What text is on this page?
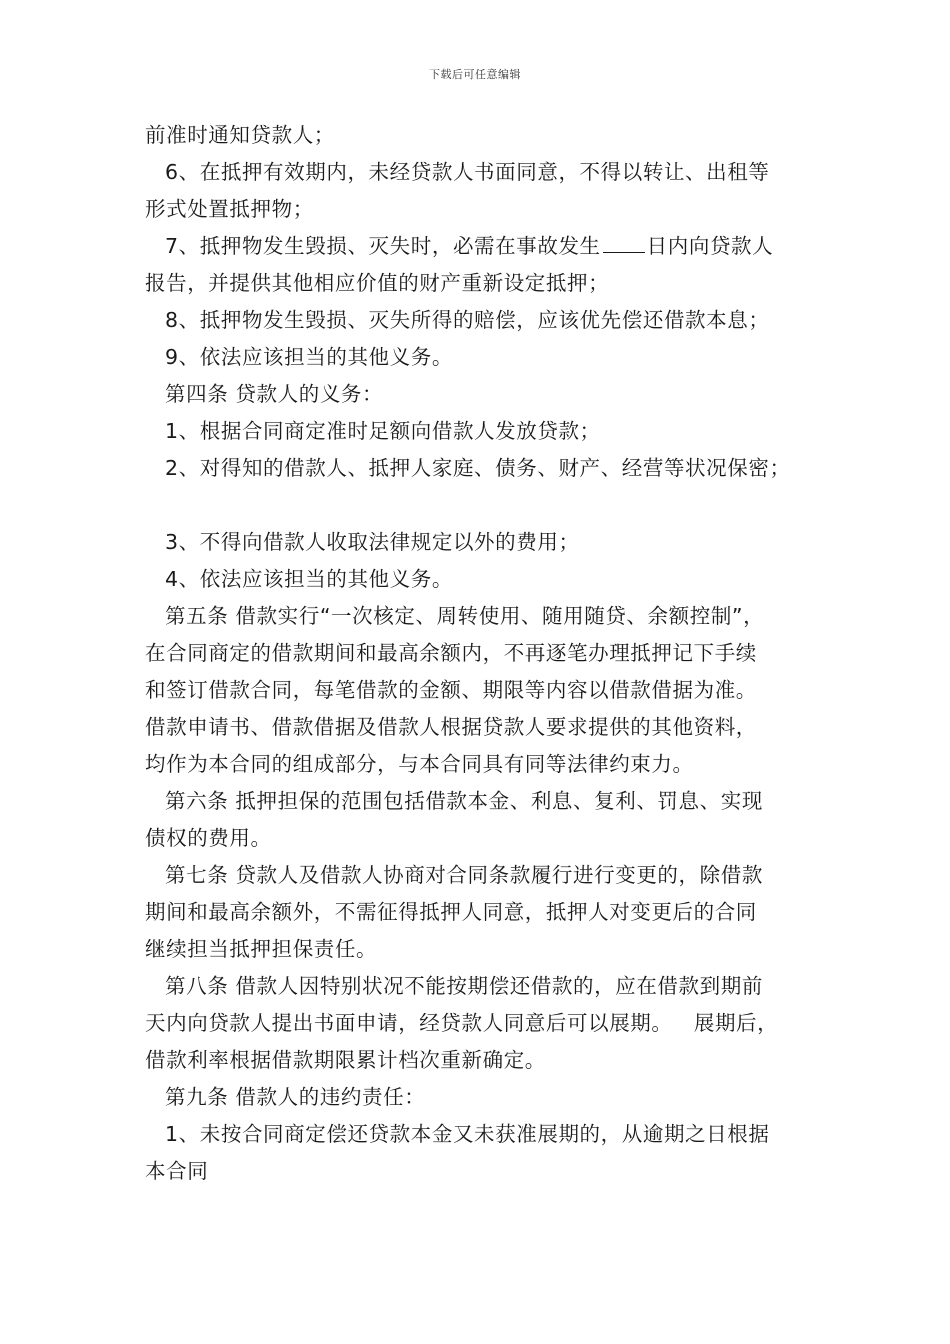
下载后可任意编辑
前准时通知贷款人；
6、在抵押有效期内，未经贷款人书面同意，不得以转让、出租等
形式处置抵押物；
7、抵押物发生毁损、灭失时，必需在事故发生 日内向贷款人
报告，并提供其他相应价值的财产重新设定抵押；
8、抵押物发生毁损、灭失所得的赔偿，应该优先偿还借款本息；
9、依法应该担当的其他义务。
第四条 贷款人的义务：
1、根据合同商定准时足额向借款人发放贷款；
2、对得知的借款人、抵押人家庭、债务、财产、经营等状况保密；
3、不得向借款人收取法律规定以外的费用；
4、依法应该担当的其他义务。
第五条 借款实行“一次核定、周转使用、随用随贷、余额控制”，
在合同商定的借款期间和最高余额内，不再逐笔办理抵押记下手续
和签订借款合同，每笔借款的金额、期限等内容以借款借据为准。
借款申请书、借款借据及借款人根据贷款人要求提供的其他资料，
均作为本合同的组成部分，与本合同具有同等法律约束力。
第六条 抵押担保的范围包括借款本金、利息、复利、罚息、实现
债权的费用。
第七条 贷款人及借款人协商对合同条款履行进行变更的，除借款
期间和最高余额外，不需征得抵押人同意，抵押人对变更后的合同
继续担当抵押担保责任。
第八条 借款人因特别状况不能按期偿还借款的，应在借款到期前
天内向贷款人提出书面申请，经贷款人同意后可以展期。   展期后，
借款利率根据借款期限累计档次重新确定。
第九条 借款人的违约责任：
1、未按合同商定偿还贷款本金又未获准展期的，从逾期之日根据
本合同
